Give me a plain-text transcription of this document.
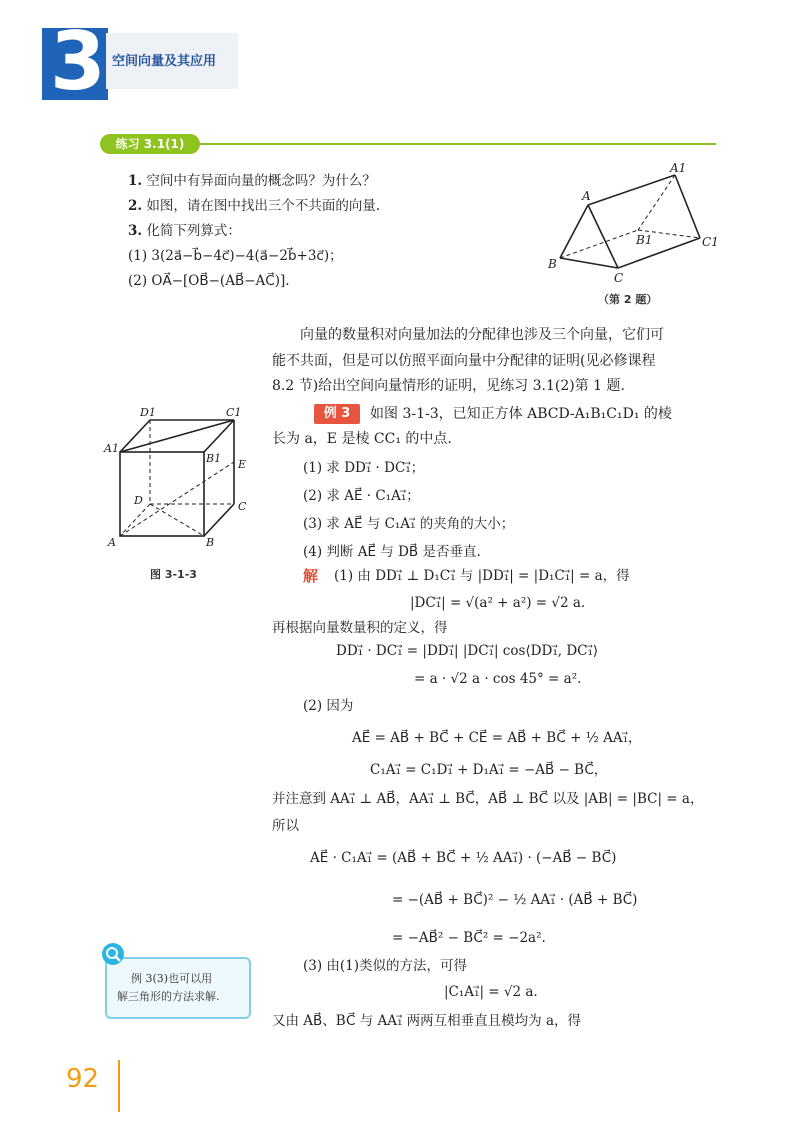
3 空间向量及其应用
练习 3.1(1)
1. 空间中有异面向量的概念吗？为什么？
2. 如图，请在图中找出三个不共面的向量.
3. 化简下列算式：
(1) 3(2a⃗−b⃗−4c⃗)−4(a⃗−2b⃗+3c⃗)；
(2) OA⃗−[OB⃗−(AB⃗−AC⃗)].
A
A1
B
B1
C
C1
（第 2 题）
向量的数量积对向量加法的分配律也涉及三个向量，它们可
能不共面，但是可以仿照平面向量中分配律的证明(见必修课程
8.2 节)给出空间向量情形的证明，见练习 3.1(2)第 1 题.
D1	C1
A1
B1 E
D	C
A	B
图 3-1-3
例 3	如图 3-1-3，已知正方体 ABCD-A₁B₁C₁D₁ 的棱
长为 a，E 是棱 CC₁ 的中点.
(1) 求 DD₁⃗ · DC₁⃗；
(2) 求 AE⃗ · C₁A₁⃗；
(3) 求 AE⃗ 与 C₁A₁⃗ 的夹角的大小；
(4) 判断 AE⃗ 与 DB⃗ 是否垂直.
解 (1) 由 DD₁⃗ ⊥ D₁C₁⃗ 与 |DD₁⃗| = |D₁C₁⃗| = a，得
|DC₁⃗| = √(a² + a²) = √2 a.
再根据向量数量积的定义，得
DD₁⃗ · DC₁⃗ = |DD₁⃗| |DC₁⃗| cos⟨DD₁⃗, DC₁⃗⟩
= a · √2 a · cos 45° = a².
(2) 因为
AE⃗ = AB⃗ + BC⃗ + CE⃗ = AB⃗ + BC⃗ + ½ AA₁⃗，
C₁A₁⃗ = C₁D₁⃗ + D₁A₁⃗ = −AB⃗ − BC⃗，
并注意到 AA₁⃗ ⊥ AB⃗，AA₁⃗ ⊥ BC⃗，AB⃗ ⊥ BC⃗ 以及 |AB| = |BC| = a，
所以
AE⃗ · C₁A₁⃗ = (AB⃗ + BC⃗ + ½ AA₁⃗) · (−AB⃗ − BC⃗)
= −(AB⃗ + BC⃗)² − ½ AA₁⃗ · (AB⃗ + BC⃗)
= −AB⃗² − BC⃗² = −2a².
(3) 由(1)类似的方法，可得
|C₁A₁⃗| = √2 a.
又由 AB⃗、BC⃗ 与 AA₁⃗ 两两互相垂直且模均为 a，得
例 3(3)也可以用
解三角形的方法求解.
92
